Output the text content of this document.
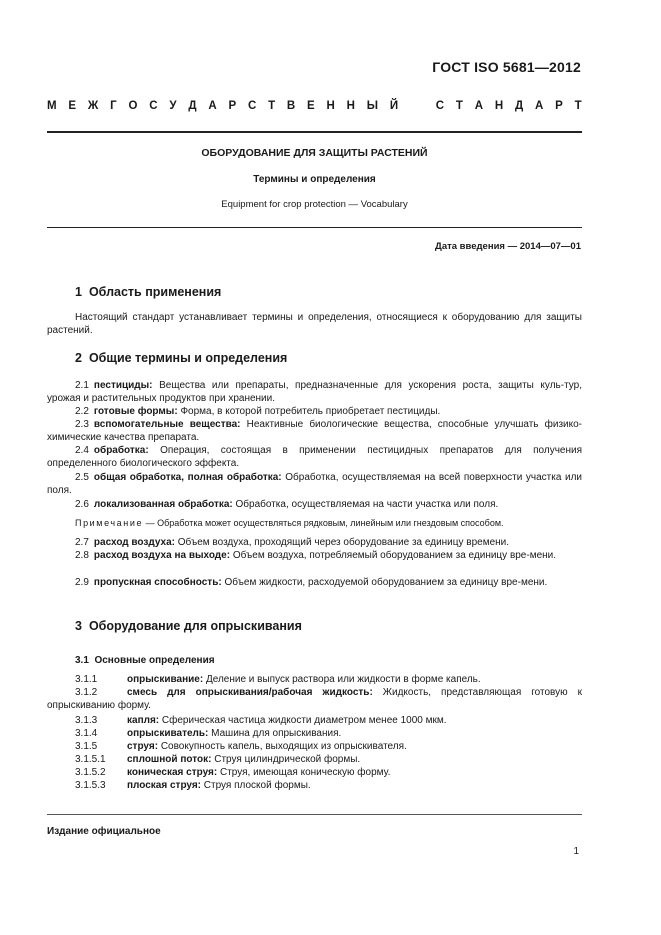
ГОСТ ISO 5681—2012
М Е Ж Г О С У Д А Р С Т В Е Н Н Ы Й	С Т А Н Д А Р Т
ОБОРУДОВАНИЕ ДЛЯ ЗАЩИТЫ РАСТЕНИЙ
Термины и определения
Equipment for crop protection — Vocabulary
Дата введения — 2014—07—01
1 Область применения

Настоящий стандарт устанавливает термины и определения, относящиеся к оборудованию для защиты растений.

2 Общие термины и определения

2.1 пестициды: Вещества или препараты, предназначенные для ускорения роста, защиты куль-тур, урожая и растительных продуктов при хранении.

2.2 готовые формы: Форма, в которой потребитель приобретает пестициды.

2.3 вспомогательные вещества: Неактивные биологические вещества, способные улучшать физико-химические качества препарата.

2.4 обработка: Операция, состоящая в применении пестицидных препаратов для получения определенного биологического эффекта.

2.5 общая обработка, полная обработка: Обработка, осуществляемая на всей поверхности участка или поля.

2.6 локализованная обработка: Обработка, осуществляемая на части участка или поля.

Примечание — Обработка может осуществляться рядковым, линейным или гнездовым способом.

2.7 расход воздуха: Объем воздуха, проходящий через оборудование за единицу времени.

2.8 расход воздуха на выходе: Объем воздуха, потребляемый оборудованием за единицу вре-мени.

2.9 пропускная способность: Объем жидкости, расходуемой оборудованием за единицу вре-мени.

3 Оборудование для опрыскивания
3.1 Основные определения
3.1.1	опрыскивание: Деление и выпуск раствора или жидкости в форме капель.

3.1.2	смесь для опрыскивания/рабочая жидкость: Жидкость, представляющая готовую к опрыскиванию форму.

3.1.3	капля: Сферическая частица жидкости диаметром менее 1000 мкм.
3.1.4	опрыскиватель: Машина для опрыскивания.
3.1.5	струя: Совокупность капель, выходящих из опрыскивателя.
3.1.5.1 сплошной поток: Струя цилиндрической формы.
3.1.5.2 коническая струя: Струя, имеющая коническую форму.
3.1.5.3 плоская струя: Струя плоской формы.
Издание официальное
1
